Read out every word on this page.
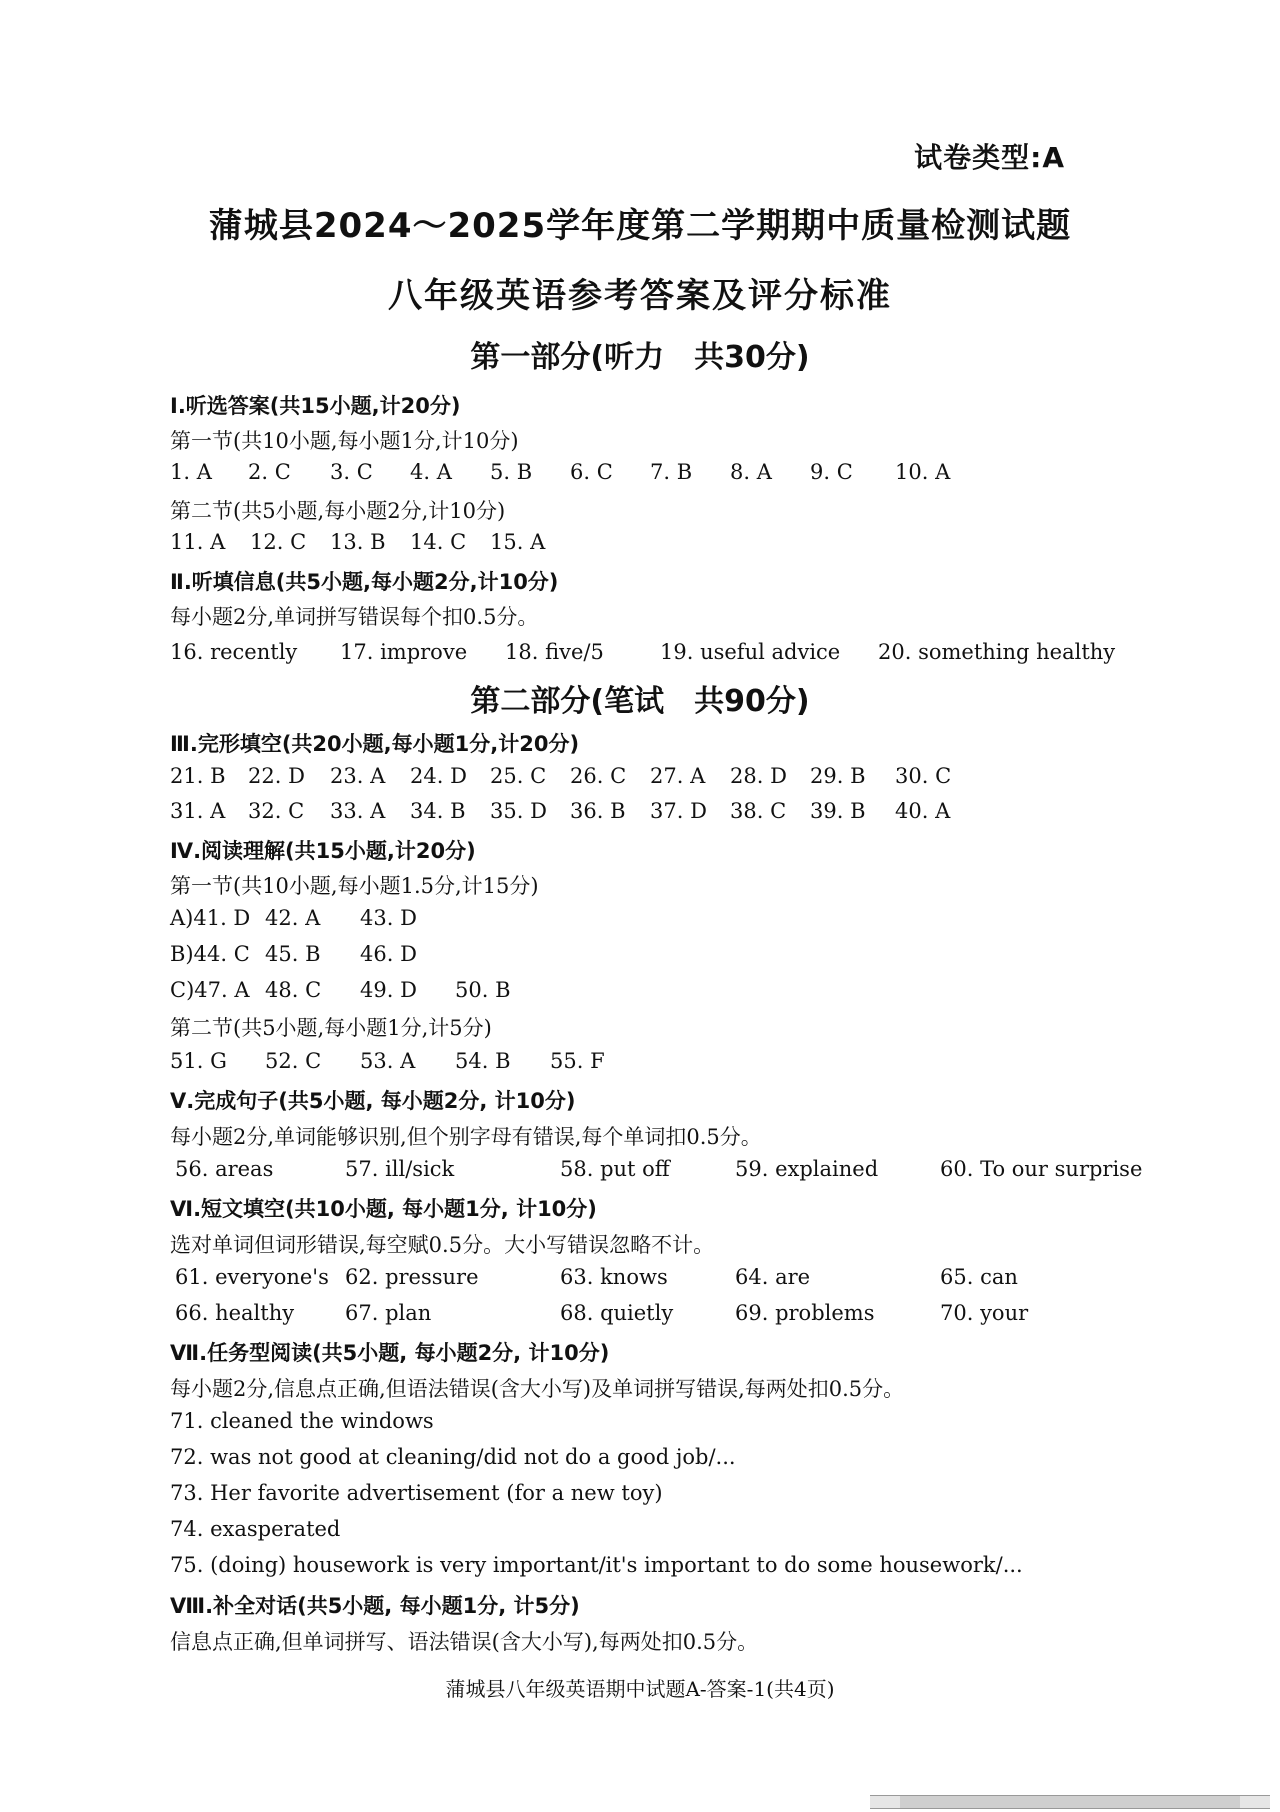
试卷类型:A
蒲城县2024～2025学年度第二学期期中质量检测试题
八年级英语参考答案及评分标准
第一部分(听力　共30分)
Ⅰ.听选答案(共15小题,计20分)
第一节(共10小题,每小题1分,计10分)
1. A 2. C 3. C 4. A 5. B 6. C 7. B 8. A 9. C 10. A
第二节(共5小题,每小题2分,计10分)
11. A 12. C 13. B 14. C 15. A
Ⅱ.听填信息(共5小题,每小题2分,计10分)
每小题2分,单词拼写错误每个扣0.5分。
16. recently 17. improve 18. five/5	19. useful advice 20. something healthy
第二部分(笔试　共90分)
Ⅲ.完形填空(共20小题,每小题1分,计20分)
21. B 22. D 23. A 24. D 25. C 26. C 27. A 28. D 29. B 30. C
31. A 32. C 33. A 34. B 35. D 36. B 37. D 38. C 39. B 40. A
Ⅳ.阅读理解(共15小题,计20分)
第一节(共10小题,每小题1.5分,计15分)
A)41. D 42. A 43. D
B)44. C 45. B 46. D
C)47. A 48. C 49. D 50. B
第二节(共5小题,每小题1分,计5分)
51. G 52. C 53. A 54. B 55. F
Ⅴ.完成句子(共5小题, 每小题2分, 计10分)
每小题2分,单词能够识别,但个别字母有错误,每个单词扣0.5分。
56. areas	57. ill/sick	58. put off	59. explained	60. To our surprise
Ⅵ.短文填空(共10小题, 每小题1分, 计10分)
选对单词但词形错误,每空赋0.5分。大小写错误忽略不计。
61. everyone's 62. pressure	63. knows	64. are	65. can
66. healthy 67. plan	68. quietly	69. problems	70. your
Ⅶ.任务型阅读(共5小题, 每小题2分, 计10分)
每小题2分,信息点正确,但语法错误(含大小写)及单词拼写错误,每两处扣0.5分。
71. cleaned the windows
72. was not good at cleaning/did not do a good job/...
73. Her favorite advertisement (for a new toy)
74. exasperated
75. (doing) housework is very important/it's important to do some housework/...
Ⅷ.补全对话(共5小题, 每小题1分, 计5分)
信息点正确,但单词拼写、语法错误(含大小写),每两处扣0.5分。
蒲城县八年级英语期中试题A-答案-1(共4页)
